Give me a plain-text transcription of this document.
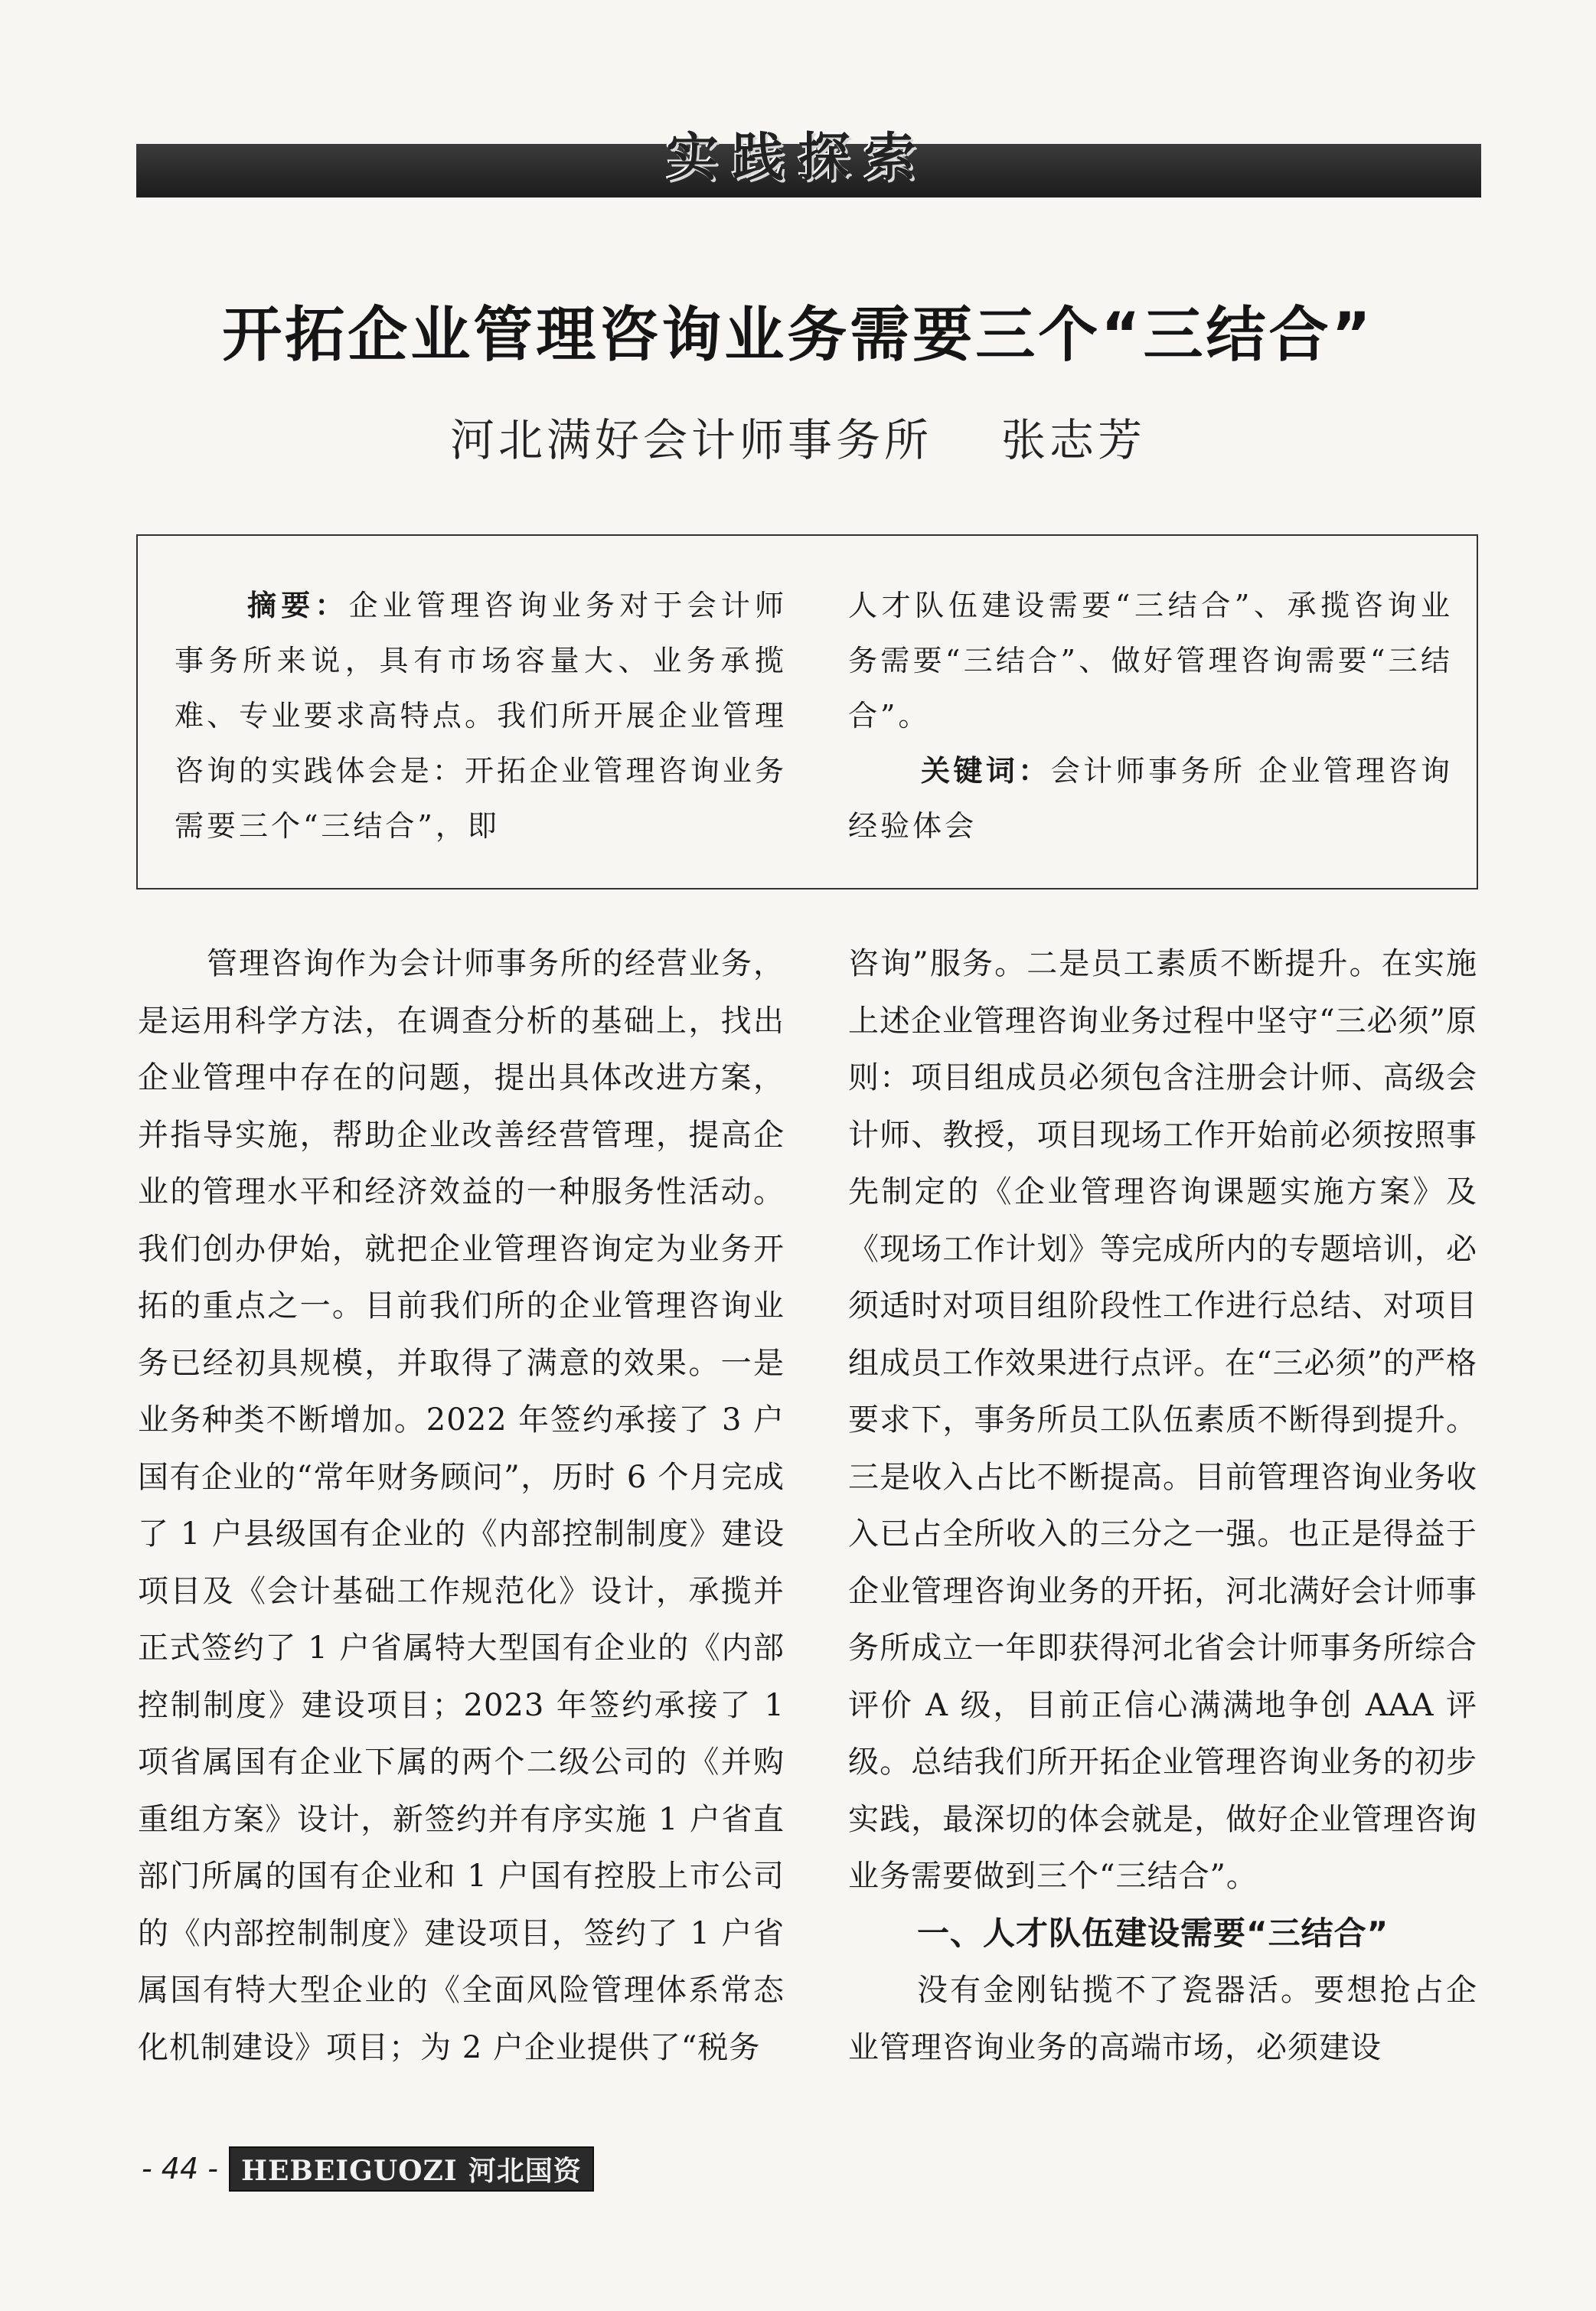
实践探索
开拓企业管理咨询业务需要三个“三结合”
河北满好会计师事务所 张志芳
摘要：企业管理咨询业务对于会计师事务所来说，具有市场容量大、业务承揽难、专业要求高特点。我们所开展企业管理咨询的实践体会是：开拓企业管理咨询业务需要三个“三结合”，即
人才队伍建设需要“三结合”、承揽咨询业务需要“三结合”、做好管理咨询需要“三结合”。
关键词：会计师事务所 企业管理咨询 经验体会

管理咨询作为会计师事务所的经营业务，是运用科学方法，在调查分析的基础上，找出企业管理中存在的问题，提出具体改进方案，并指导实施，帮助企业改善经营管理，提高企业的管理水平和经济效益的一种服务性活动。我们创办伊始，就把企业管理咨询定为业务开拓的重点之一。目前我们所的企业管理咨询业务已经初具规模，并取得了满意的效果。一是业务种类不断增加。2022 年签约承接了 3 户国有企业的“常年财务顾问”，历时 6 个月完成了 1 户县级国有企业的《内部控制制度》建设项目及《会计基础工作规范化》设计，承揽并正式签约了 1 户省属特大型国有企业的《内部控制制度》建设项目；2023 年签约承接了 1 项省属国有企业下属的两个二级公司的《并购重组方案》设计，新签约并有序实施 1 户省直部门所属的国有企业和 1 户国有控股上市公司的《内部控制制度》建设项目，签约了 1 户省属国有特大型企业的《全面风险管理体系常态化机制建设》项目；为 2 户企业提供了“税务

咨询”服务。二是员工素质不断提升。在实施上述企业管理咨询业务过程中坚守“三必须”原则：项目组成员必须包含注册会计师、高级会计师、教授，项目现场工作开始前必须按照事先制定的《企业管理咨询课题实施方案》及《现场工作计划》等完成所内的专题培训，必须适时对项目组阶段性工作进行总结、对项目组成员工作效果进行点评。在“三必须”的严格要求下，事务所员工队伍素质不断得到提升。三是收入占比不断提高。目前管理咨询业务收入已占全所收入的三分之一强。也正是得益于企业管理咨询业务的开拓，河北满好会计师事务所成立一年即获得河北省会计师事务所综合评价 A 级，目前正信心满满地争创 AAA 评级。总结我们所开拓企业管理咨询业务的初步实践，最深切的体会就是，做好企业管理咨询业务需要做到三个“三结合”。

一、人才队伍建设需要“三结合”

没有金刚钻揽不了瓷器活。要想抢占企业管理咨询业务的高端市场，必须建设

- 44 - HEBEIGUOZI 河北国资
